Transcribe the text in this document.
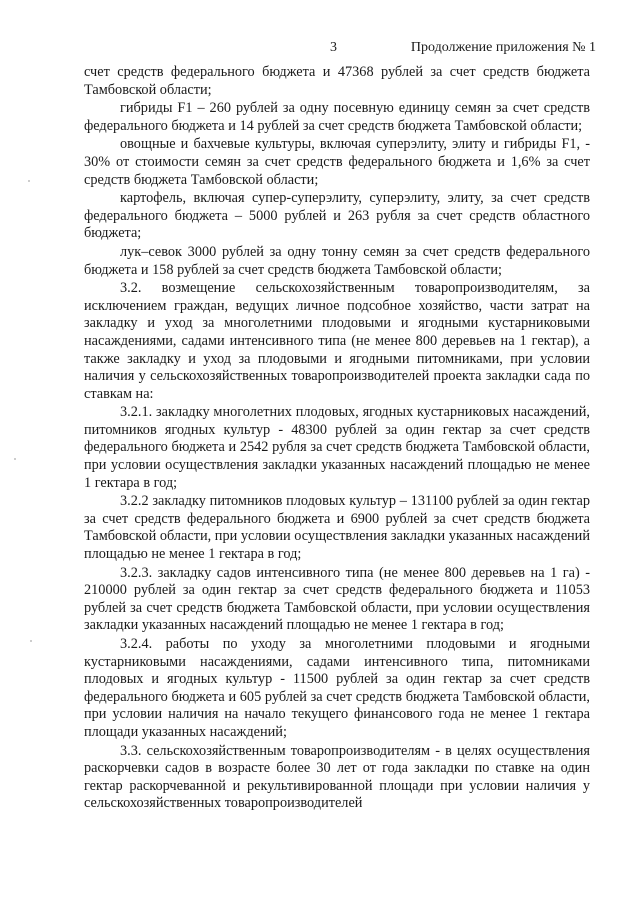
3	Продолжение приложения № 1

счет средств федерального бюджета и 47368 рублей за счет средств бюджета Тамбовской области;

гибриды F1 – 260 рублей за одну посевную единицу семян за счет средств федерального бюджета и 14 рублей за счет средств бюджета Тамбовской области;

овощные и бахчевые культуры, включая суперэлиту, элиту и гибриды F1, - 30% от стоимости семян за счет средств федерального бюджета и 1,6% за счет средств бюджета Тамбовской области;

картофель, включая супер-суперэлиту, суперэлиту, элиту, за счет средств федерального бюджета – 5000 рублей и 263 рубля за счет средств областного бюджета;

лук–севок 3000 рублей за одну тонну семян за счет средств федерального бюджета и 158 рублей за счет средств бюджета Тамбовской области;

3.2. возмещение сельскохозяйственным товаропроизводителям, за исключением граждан, ведущих личное подсобное хозяйство, части затрат на закладку и уход за многолетними плодовыми и ягодными кустарниковыми насаждениями, садами интенсивного типа (не менее 800 деревьев на 1 гектар), а также закладку и уход за плодовыми и ягодными питомниками, при условии наличия у сельскохозяйственных товаропроизводителей проекта закладки сада по ставкам на:

3.2.1. закладку многолетних плодовых, ягодных кустарниковых насаждений, питомников ягодных культур - 48300 рублей за один гектар за счет средств федерального бюджета и 2542 рубля за счет средств бюджета Тамбовской области, при условии осуществления закладки указанных насаждений площадью не менее 1 гектара в год;

3.2.2 закладку питомников плодовых культур – 131100 рублей за один гектар за счет средств федерального бюджета и 6900 рублей за счет средств бюджета Тамбовской области, при условии осуществления закладки указанных насаждений площадью не менее 1 гектара в год;

3.2.3. закладку садов интенсивного типа (не менее 800 деревьев на 1 га) - 210000 рублей за один гектар за счет средств федерального бюджета и 11053 рублей за счет средств бюджета Тамбовской области, при условии осуществления закладки указанных насаждений площадью не менее 1 гектара в год;

3.2.4. работы по уходу за многолетними плодовыми и ягодными кустарниковыми насаждениями, садами интенсивного типа, питомниками плодовых и ягодных культур - 11500 рублей за один гектар за счет средств федерального бюджета и 605 рублей за счет средств бюджета Тамбовской области, при условии наличия на начало текущего финансового года не менее 1 гектара площади указанных насаждений;

3.3. сельскохозяйственным товаропроизводителям - в целях осуществления раскорчевки садов в возрасте более 30 лет от года закладки по ставке на один гектар раскорчеванной и рекультивированной площади при условии наличия у сельскохозяйственных товаропроизводителей
